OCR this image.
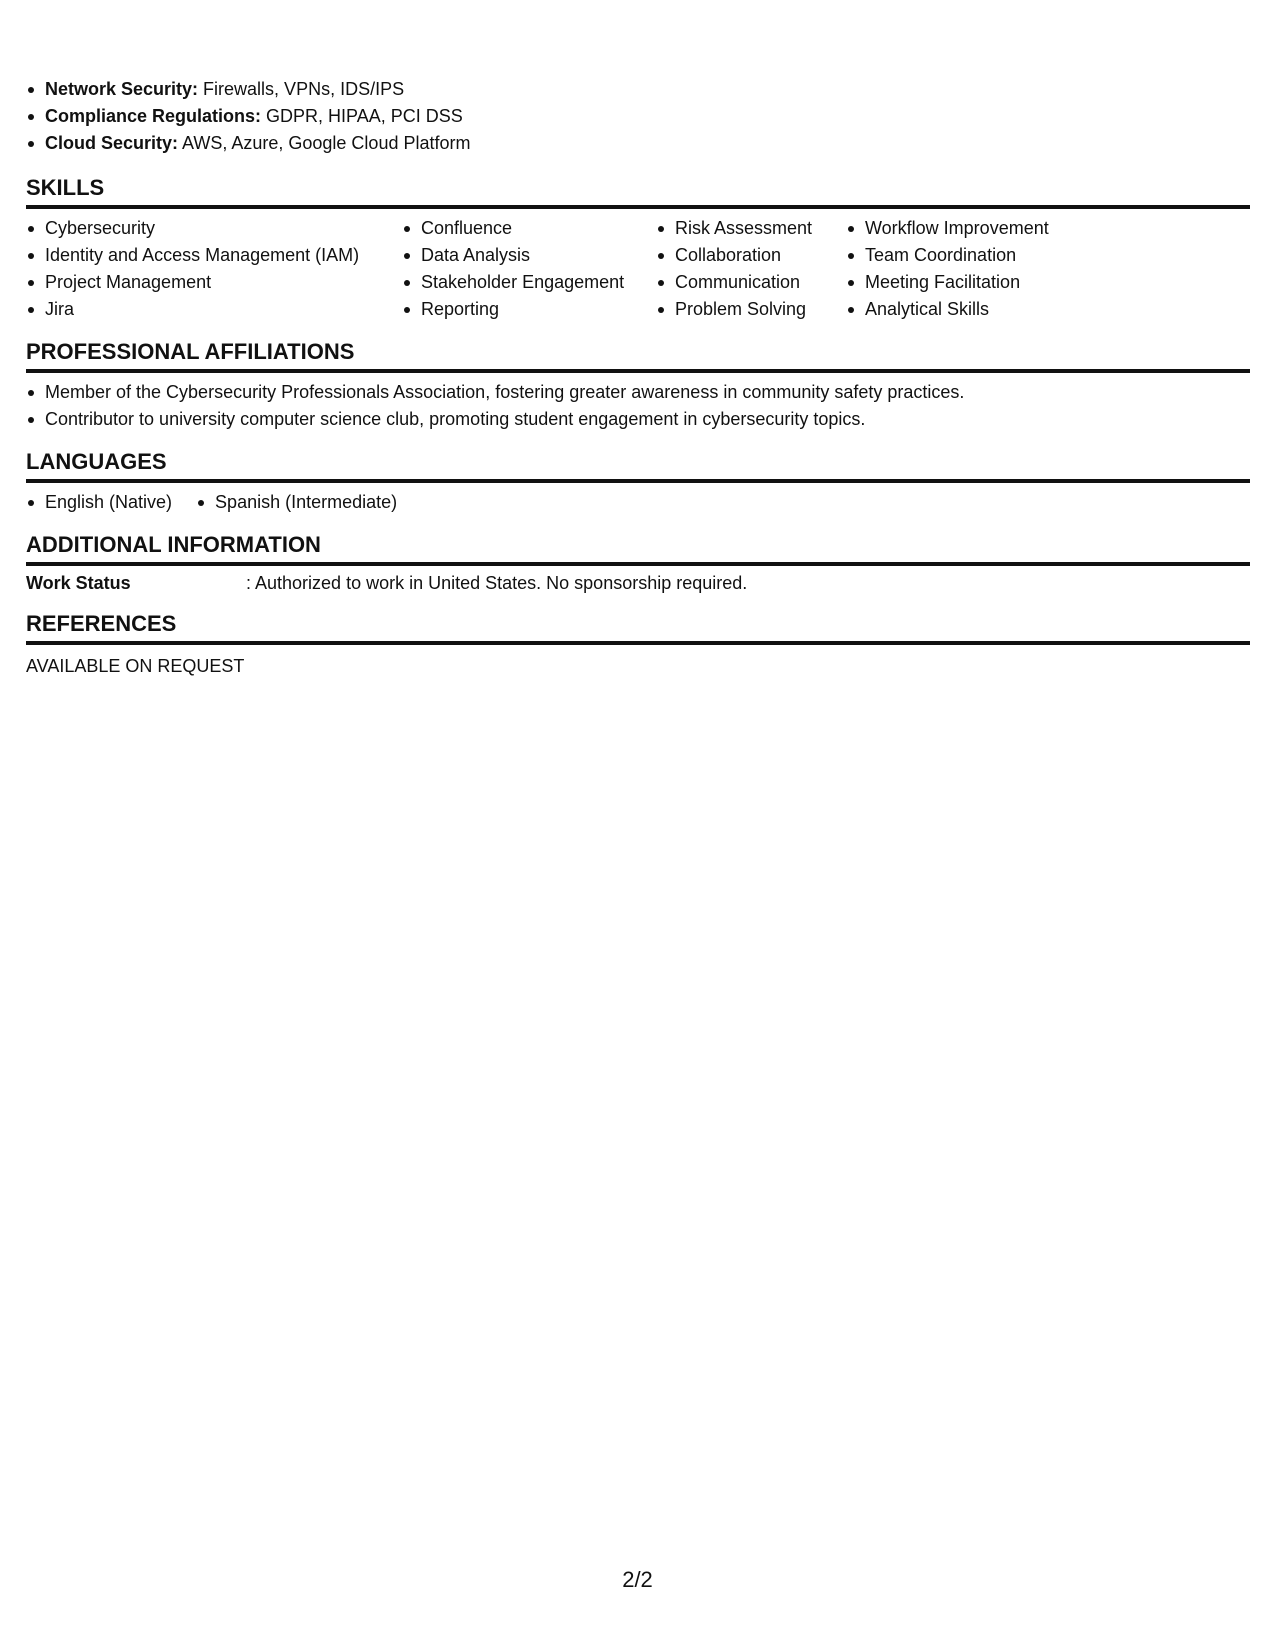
Network Security: Firewalls, VPNs, IDS/IPS
Compliance Regulations: GDPR, HIPAA, PCI DSS
Cloud Security: AWS, Azure, Google Cloud Platform
SKILLS
Cybersecurity
Identity and Access Management (IAM)
Project Management
Jira
Confluence
Data Analysis
Stakeholder Engagement
Reporting
Risk Assessment
Collaboration
Communication
Problem Solving
Workflow Improvement
Team Coordination
Meeting Facilitation
Analytical Skills
PROFESSIONAL AFFILIATIONS
Member of the Cybersecurity Professionals Association, fostering greater awareness in community safety practices.
Contributor to university computer science club, promoting student engagement in cybersecurity topics.
LANGUAGES
English (Native)	Spanish (Intermediate)
ADDITIONAL INFORMATION
Work Status	: Authorized to work in United States. No sponsorship required.
REFERENCES
AVAILABLE ON REQUEST
2/2
